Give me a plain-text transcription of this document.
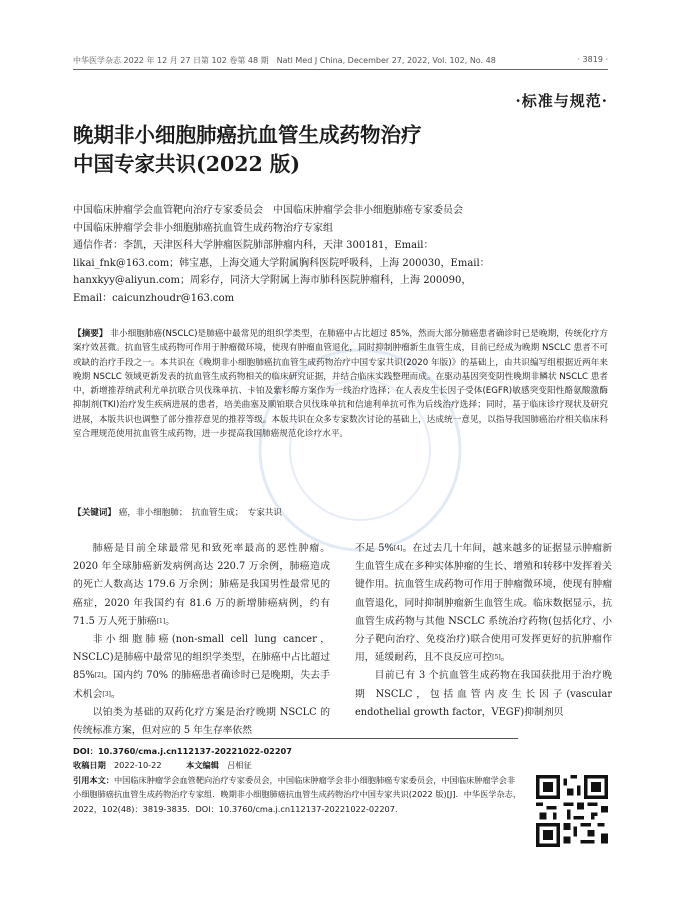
中华医学杂志 2022 年 12 月 27 日第 102 卷第 48 期　Natl Med J China, December 27, 2022, Vol. 102, No. 48	· 3819 ·
·标准与规范·
晚期非小细胞肺癌抗血管生成药物治疗
中国专家共识(2022 版)
中国临床肿瘤学会血管靶向治疗专家委员会　中国临床肿瘤学会非小细胞肺癌专家委员会
中国临床肿瘤学会非小细胞肺癌抗血管生成药物治疗专家组
通信作者：李凯，天津医科大学肿瘤医院肺部肿瘤内科，天津 300181，Email：
likai_fnk@163.com；韩宝惠，上海交通大学附属胸科医院呼吸科，上海 200030，Email：
hanxkyy@aliyun.com；周彩存，同济大学附属上海市肺科医院肿瘤科，上海 200090，
Email：caicunzhoudr@163.com
【摘要】 非小细胞肺癌(NSCLC)是肺癌中最常见的组织学类型，在肺癌中占比超过 85%，然而大部分肺癌患者确诊时已是晚期，传统化疗方案疗效甚微。抗血管生成药物可作用于肿瘤微环境，使现有肿瘤血管退化，同时抑制肿瘤新生血管生成，目前已经成为晚期 NSCLC 患者不可或缺的治疗手段之一。本共识在《晚期非小细胞肺癌抗血管生成药物治疗中国专家共识(2020 年版)》的基础上，由共识编写组根据近两年来晚期 NSCLC 领域更新发表的抗血管生成药物相关的临床研究证据，并结合临床实践整理而成。在驱动基因突变阴性晚期非鳞状 NSCLC 患者中，新增推荐纳武利尤单抗联合贝伐珠单抗、卡铂及紫杉醇方案作为一线治疗选择；在人表皮生长因子受体(EGFR)敏感突变阳性酪氨酸激酶抑制剂(TKI)治疗发生疾病进展的患者，培美曲塞及顺铂联合贝伐珠单抗和信迪利单抗可作为后线治疗选择；同时，基于临床诊疗现状及研究进展，本版共识也调整了部分推荐意见的推荐等级。本版共识在众多专家数次讨论的基础上，达成统一意见，以指导我国肺癌治疗相关临床科室合理规范使用抗血管生成药物，进一步提高我国肺癌规范化诊疗水平。
【关键词】 癌，非小细胞肺；　抗血管生成；　专家共识

肺癌是目前全球最常见和致死率最高的恶性肿瘤。2020 年全球肺癌新发病例高达 220.7 万余例，肺癌造成的死亡人数高达 179.6 万余例；肺癌是我国男性最常见的癌症，2020 年我国约有 81.6 万的新增肺癌病例，约有 71.5 万人死于肺癌[1]。

非小细胞肺癌(non-small cell lung cancer，NSCLC)是肺癌中最常见的组织学类型，在肺癌中占比超过 85%[2]。国内约 70% 的肺癌患者确诊时已是晚期，失去手术机会[3]。

以铂类为基础的双药化疗方案是治疗晚期 NSCLC 的传统标准方案，但对应的 5 年生存率依然

不足 5%[4]。在过去几十年间，越来越多的证据显示肿瘤新生血管生成在多种实体肿瘤的生长、增殖和转移中发挥着关键作用。抗血管生成药物可作用于肿瘤微环境，使现有肿瘤血管退化，同时抑制肿瘤新生血管生成。临床数据显示，抗血管生成药物与其他 NSCLC 系统治疗药物(包括化疗、小分子靶向治疗、免疫治疗)联合使用可发挥更好的抗肿瘤作用，延缓耐药，且不良反应可控[5]。

目前已有 3 个抗血管生成药物在我国获批用于治疗晚期 NSCLC，包括血管内皮生长因子(vascular endothelial growth factor，VEGF)抑制剂贝

DOI：10.3760/cma.j.cn112137-20221022-02207
收稿日期　 2022-10-22　　　	本文编辑　 吕相征
引用本文：中国临床肿瘤学会血管靶向治疗专家委员会，中国临床肿瘤学会非小细胞肺癌专家委员会，中国临床肿瘤学会非小细胞肺癌抗血管生成药物治疗专家组．晚期非小细胞肺癌抗血管生成药物治疗中国专家共识(2022 版)[J]．中华医学杂志，2022，102(48)：3819-3835．DOI：10.3760/cma.j.cn112137-20221022-02207.
